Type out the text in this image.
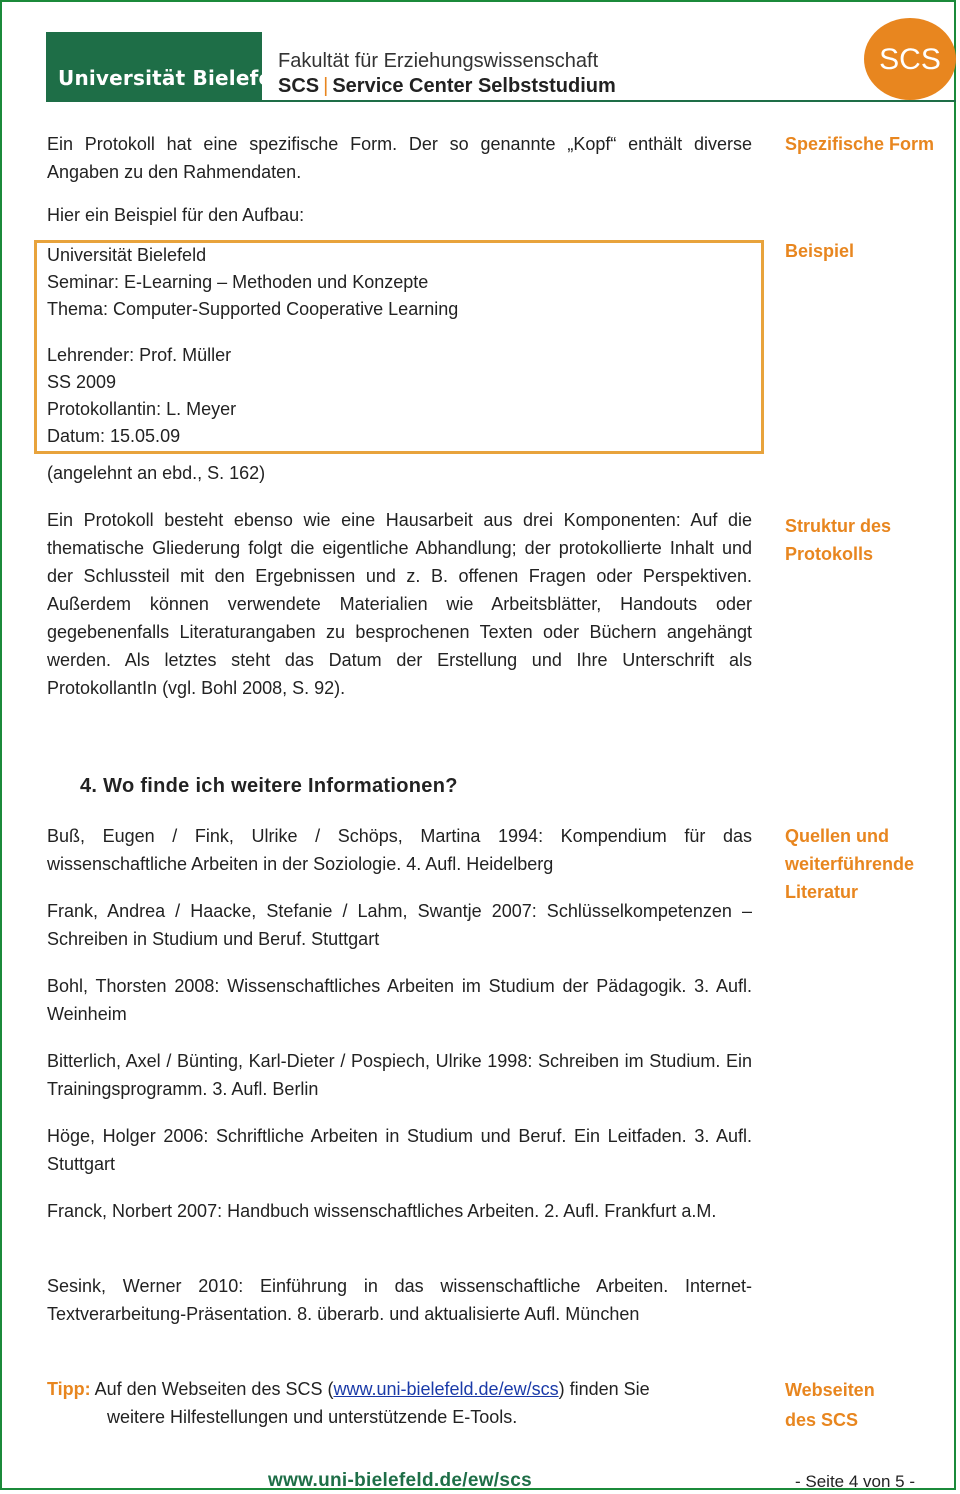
Universität Bielefeld
Fakultät für Erziehungswissenschaft
SCS | Service Center Selbststudium
SCS
Ein Protokoll hat eine spezifische Form. Der so genannte „Kopf“ enthält diverse Angaben zu den Rahmendaten.
Spezifische Form
Hier ein Beispiel für den Aufbau:
Universität Bielefeld
Seminar: E-Learning – Methoden und Konzepte
Thema: Computer-Supported Cooperative Learning
Lehrender: Prof. Müller
SS 2009
Protokollantin: L. Meyer
Datum: 15.05.09
Beispiel
(angelehnt an ebd., S. 162)
Ein Protokoll besteht ebenso wie eine Hausarbeit aus drei Komponenten: Auf die thematische Gliederung folgt die eigentliche Abhandlung; der protokollierte Inhalt und der Schlussteil mit den Ergebnissen und z. B. offenen Fragen oder Perspektiven. Außerdem können verwendete Materialien wie Arbeitsblätter, Handouts oder gegebenenfalls Literaturangaben zu besprochenen Texten oder Büchern angehängt werden. Als letztes steht das Datum der Erstellung und Ihre Unterschrift als ProtokollantIn (vgl. Bohl 2008, S. 92).
Struktur des
Protokolls
4. Wo finde ich weitere Informationen?
Buß, Eugen / Fink, Ulrike / Schöps, Martina 1994: Kompendium für das wissenschaftliche Arbeiten in der Soziologie. 4. Aufl. Heidelberg
Frank, Andrea / Haacke, Stefanie / Lahm, Swantje 2007: Schlüsselkompetenzen – Schreiben in Studium und Beruf. Stuttgart
Bohl, Thorsten 2008: Wissenschaftliches Arbeiten im Studium der Pädagogik. 3. Aufl. Weinheim
Bitterlich, Axel / Bünting, Karl-Dieter / Pospiech, Ulrike 1998: Schreiben im Studium. Ein Trainingsprogramm. 3. Aufl. Berlin
Höge, Holger 2006: Schriftliche Arbeiten in Studium und Beruf. Ein Leitfaden. 3. Aufl. Stuttgart
Franck, Norbert 2007: Handbuch wissenschaftliches Arbeiten. 2. Aufl. Frankfurt a.M.
Sesink, Werner 2010: Einführung in das wissenschaftliche Arbeiten. Internet-Textverarbeitung-Präsentation. 8. überarb. und aktualisierte Aufl. München
Quellen und
weiterführende
Literatur
Tipp: Auf den Webseiten des SCS (www.uni-bielefeld.de/ew/scs) finden Sie
weitere Hilfestellungen und unterstützende E-Tools.
Webseiten
des SCS
www.uni-bielefeld.de/ew/scs	- Seite 4 von 5 -
